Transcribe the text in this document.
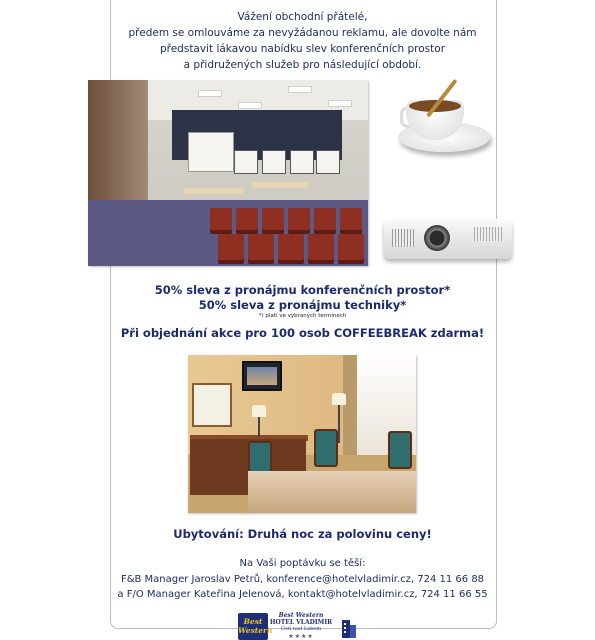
Vážení obchodní přátelé,
předem se omlouváme za nevyžádanou reklamu, ale dovolte nám
představit lákavou nabídku slev konferenčních prostor
a přidružených služeb pro následující období.
50% sleva z pronájmu konferenčních prostor*
50% sleva z pronájmu techniky*
*) platí ve vybraných termínech
Při objednání akce pro 100 osob COFFEEBREAK zdarma!
Ubytování: Druhá noc za polovinu ceny!
Na Vaši poptávku se těší:
F&B Manager Jaroslav Petrů, konference@hotelvladimir.cz, 724 11 66 88
a F/O Manager Kateřina Jelenová, kontakt@hotelvladimir.cz, 724 11 66 55
Best
Western
Best Western
HOTEL VLADIMIR
Ústí nad Labem
★★★★
